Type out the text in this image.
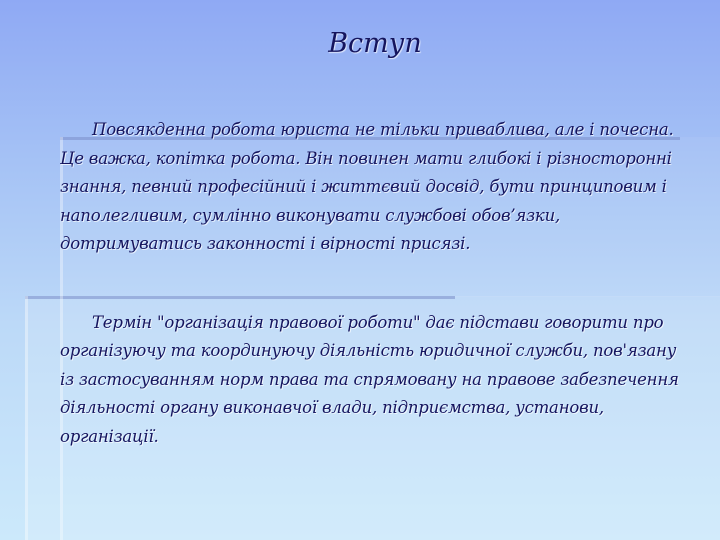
Вступ

Повсякденна робота юриста не тільки приваблива, але і почесна. Це важка, копітка робота. Він повинен мати глибокі і різносторонні знання, певний професійний і життєвий досвід, бути принциповим і наполегливим, сумлінно виконувати службові обов’язки, дотримуватись законності і вірності присязі.

Термін "організація правової роботи" дає підстави говорити про організуючу та координуючу діяльність юридичної служби, пов'язану із застосуванням норм права та спрямовану на правове забезпечення діяльності органу виконавчої влади, підприємства, установи, організації.
